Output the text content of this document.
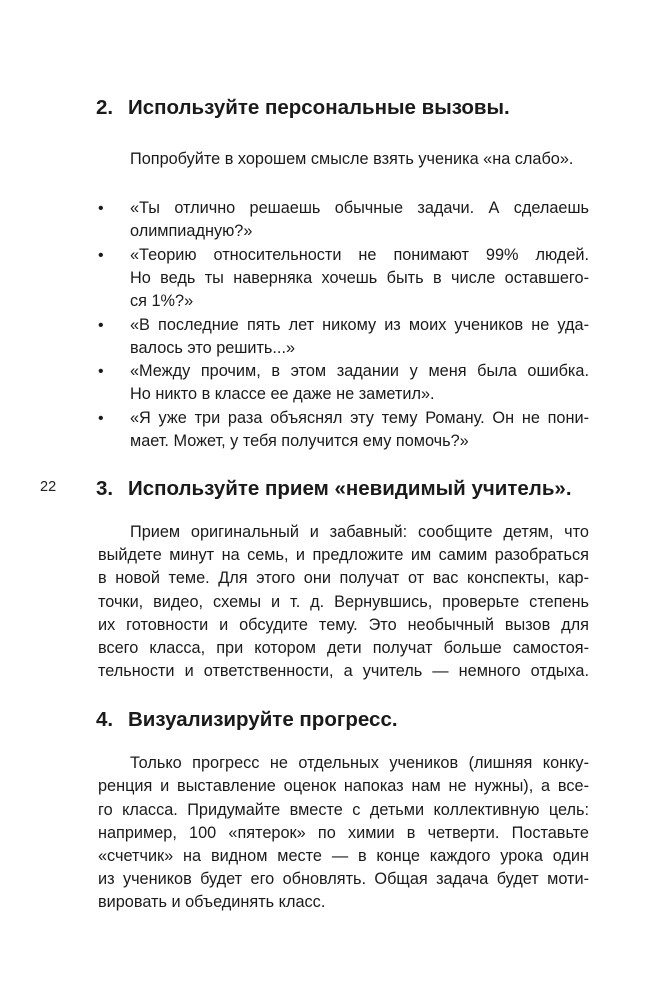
2. Используйте персональные вызовы.

Попробуйте в хорошем смысле взять ученика «на слабо».

• «Ты отлично решаешь обычные задачи. А сделаешь

олимпиадную?»

• «Теорию относительности не понимают 99% людей.

Но ведь ты наверняка хочешь быть в числе оставшего-

ся 1%?»

• «В последние пять лет никому из моих учеников не уда-

валось это решить...»

• «Между прочим, в этом задании у меня была ошибка.

Но никто в классе ее даже не заметил».

• «Я уже три раза объяснял эту тему Роману. Он не пони-

мает. Может, у тебя получится ему помочь?»

22 3. Используйте прием «невидимый учитель».

Прием оригинальный и забавный: сообщите детям, что

выйдете минут на семь, и предложите им самим разобраться

в новой теме. Для этого они получат от вас конспекты, кар-

точки, видео, схемы и т. д. Вернувшись, проверьте степень

их готовности и обсудите тему. Это необычный вызов для

всего класса, при котором дети получат больше самостоя-

тельности и ответственности, а учитель — немного отдыха.

4. Визуализируйте прогресс.

Только прогресс не отдельных учеников (лишняя конку-

ренция и выставление оценок напоказ нам не нужны), а все-

го класса. Придумайте вместе с детьми коллективную цель:

например, 100 «пятерок» по химии в четверти. Поставьте

«счетчик» на видном месте — в конце каждого урока один

из учеников будет его обновлять. Общая задача будет моти-

вировать и объединять класс.
